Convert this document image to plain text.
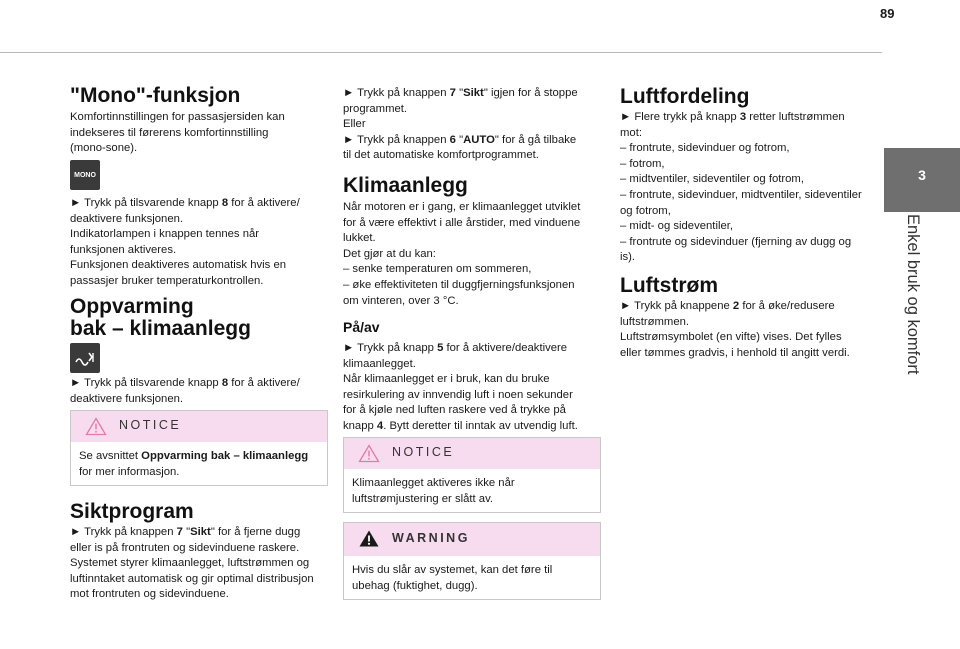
89
3
Enkel bruk og komfort
"Mono"-funksjon

Komfortinnstillingen for passasjersiden kan

indekseres til førerens komfortinnstilling

(mono-sone).

MONO

► Trykk på tilsvarende knapp 8 for å aktivere/

deaktivere funksjonen.

Indikatorlampen i knappen tennes når

funksjonen aktiveres.

Funksjonen deaktiveres automatisk hvis en

passasjer bruker temperaturkontrollen.

Oppvarming
bak – klimaanlegg

► Trykk på tilsvarende knapp 8 for å aktivere/

deaktivere funksjonen.

NOTICE

Se avsnittet Oppvarming bak – klimaanlegg

for mer informasjon.

Siktprogram

► Trykk på knappen 7 "Sikt" for å fjerne dugg

eller is på frontruten og sidevinduene raskere.

Systemet styrer klimaanlegget, luftstrømmen og

luftinntaket automatisk og gir optimal distribusjon

mot frontruten og sidevinduene.

► Trykk på knappen 7 "Sikt" igjen for å stoppe

programmet.

Eller

► Trykk på knappen 6 "AUTO" for å gå tilbake

til det automatiske komfortprogrammet.

Klimaanlegg

Når motoren er i gang, er klimaanlegget utviklet

for å være effektivt i alle årstider, med vinduene

lukket.

Det gjør at du kan:

– senke temperaturen om sommeren,

– øke effektiviteten til duggfjerningsfunksjonen

om vinteren, over 3 °C.

På/av

► Trykk på knapp 5 for å aktivere/deaktivere

klimaanlegget.

Når klimaanlegget er i bruk, kan du bruke

resirkulering av innvendig luft i noen sekunder

for å kjøle ned luften raskere ved å trykke på

knapp 4. Bytt deretter til inntak av utvendig luft.

NOTICE

Klimaanlegget aktiveres ikke når

luftstrømjustering er slått av.

WARNING

Hvis du slår av systemet, kan det føre til

ubehag (fuktighet, dugg).

Luftfordeling

► Flere trykk på knapp 3 retter luftstrømmen

mot:

– frontrute, sidevinduer og fotrom,

– fotrom,

– midtventiler, sideventiler og fotrom,

– frontrute, sidevinduer, midtventiler, sideventiler

og fotrom,

– midt- og sideventiler,

– frontrute og sidevinduer (fjerning av dugg og

is).

Luftstrøm

► Trykk på knappene 2 for å øke/redusere

luftstrømmen.

Luftstrømsymbolet (en vifte) vises. Det fylles

eller tømmes gradvis, i henhold til angitt verdi.
